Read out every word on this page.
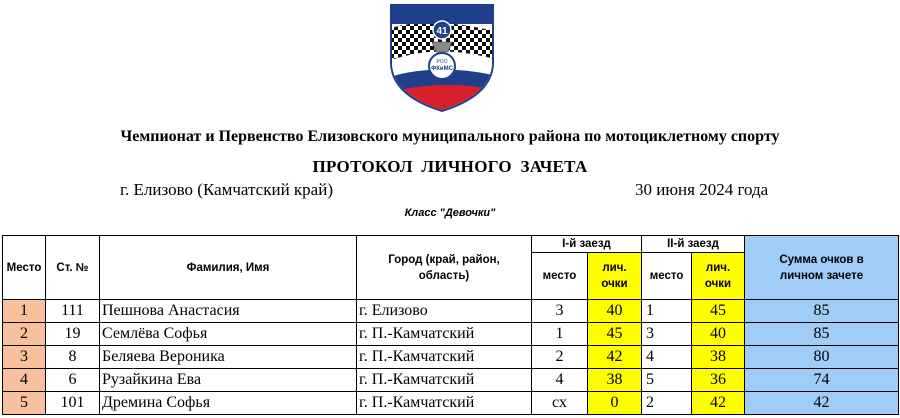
41
РОО
ФКиМС
Чемпионат и Первенство Елизовского муниципального района по мотоциклетному спорту
ПРОТОКОЛ ЛИЧНОГО ЗАЧЕТА
г. Елизово (Камчатский край)	30 июня 2024 года
Класс "Девочки"
Место	Ст. №	Фамилия, Имя	Город (край, район, область)	I-й заезд		II-й заезд		Сумма очков в личном зачете
				место	лич. очки	место	лич. очки	
1	111	Пешнова Анастасия	г. Елизово	3	40	1	45	85
2	19	Семлёва Софья	г. П.-Камчатский	1	45	3	40	85
3	8	Беляева Вероника	г. П.-Камчатский	2	42	4	38	80
4	6	Рузайкина Ева	г. П.-Камчатский	4	38	5	36	74
5	101	Дремина Софья	г. П.-Камчатский	сх	0	2	42	42
